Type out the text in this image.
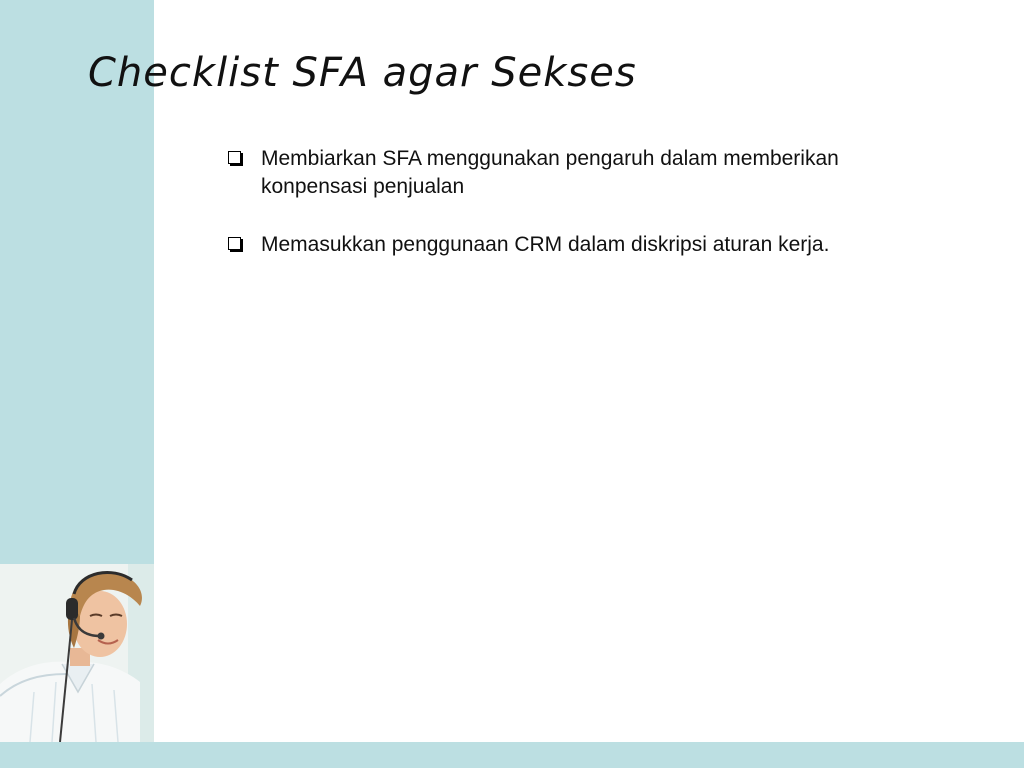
Checklist SFA agar Sekses
Membiarkan SFA menggunakan pengaruh dalam memberikan konpensasi penjualan
Memasukkan penggunaan CRM dalam diskripsi aturan kerja.
